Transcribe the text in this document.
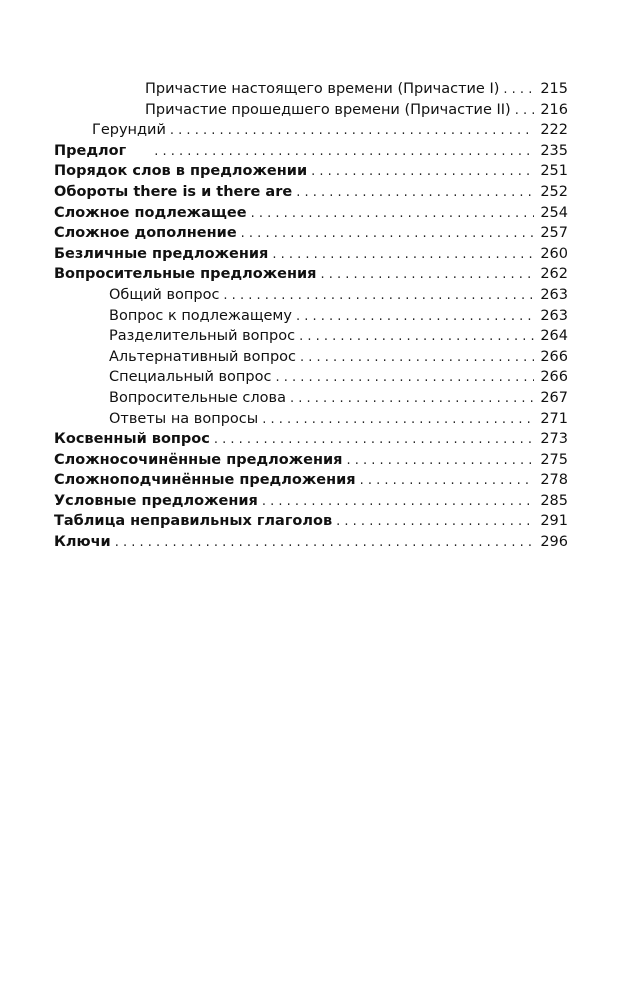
Причастие настоящего времени (Причастие I) . . .	215
Причастие прошедшего времени (Причастие II) . . . 216
Герундий . . .	222
Предлог . . .	235
Порядок слов в предложении . . .	251
Обороты there is и there are . . .	252
Сложное подлежащее . . .	254
Сложное дополнение . . .	257
Безличные предложения . . .	260
Вопросительные предложения . . .	262
Общий вопрос . . .	263
Вопрос к подлежащему . . .	263
Разделительный вопрос . . .	264
Альтернативный вопрос . . .	266
Специальный вопрос . . .	266
Вопросительные слова . . .	267
Ответы на вопросы . . .	271
Косвенный вопрос . . .	273
Сложносочинённые предложения . . .	275
Сложноподчинённые предложения . . .	278
Условные предложения . . .	285
Таблица неправильных глаголов . . .	291
Ключи . . .	296
